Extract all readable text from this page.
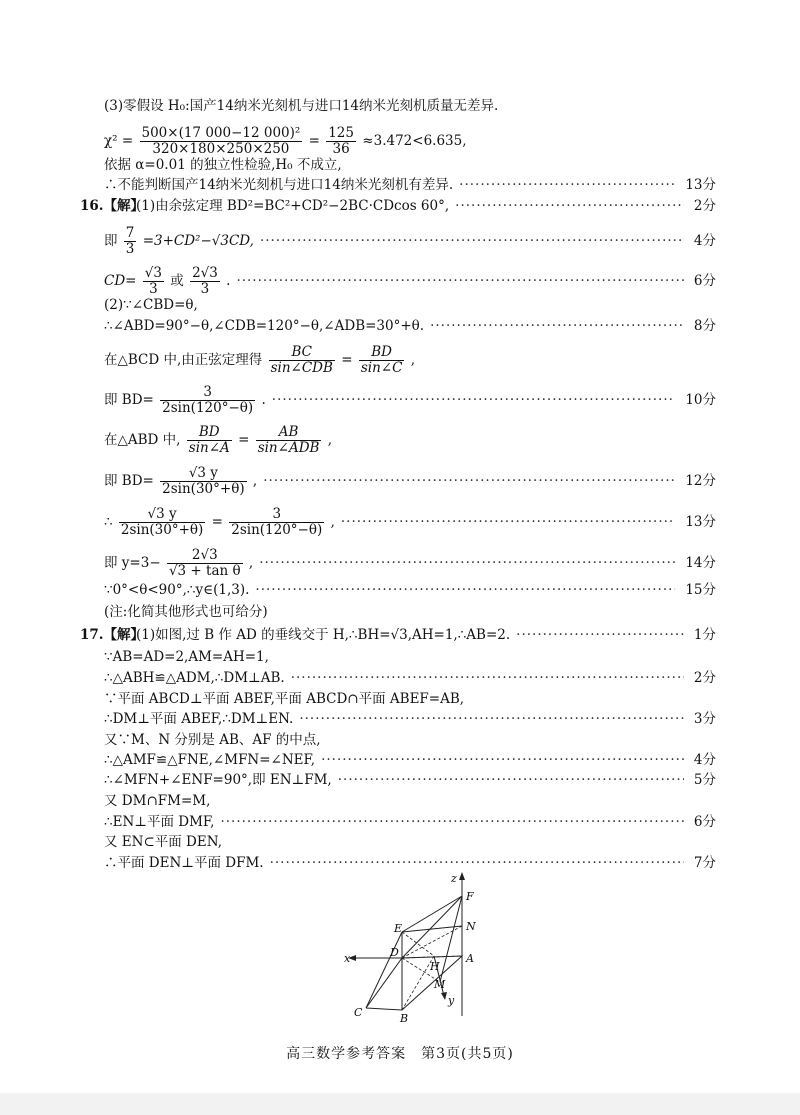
(3)零假设 H₀:国产14纳米光刻机与进口14纳米光刻机质量无差异.
$\chi^2 = \frac{\text{500×(17 000−12 000)²}}{320\times 180\times 250\times 250} = \frac{125}{36} \approx 3.472<6.635$,
依据 α=0.01 的独立性检验,H₀ 不成立,
∴不能判断国产14纳米光刻机与进口14纳米光刻机有差异. ·····	13分
16.【解】
(1)由余弦定理 BD²=BC²+CD²−2BC·CDcos 60°, ·····	2分
即 $\frac{7}{3} =3+CD^2-√3CD$, ·····	4分
$CD= \frac{√3}{3}$ 或 $\frac{2√3}{3}$ . ·····	6分
(2)∵∠CBD=θ,
∴∠ABD=90°−θ,∠CDB=120°−θ,∠ADB=30°+θ. ·····	8分
在△BCD 中,由正弦定理得 $\frac{BC}{\text{sin∠CDB}} = \frac{BD}{\sin\angle C}$ ,
即 $BD= \frac{3}{2\sin(120^\circ-\theta)}$ . ·····	10分
在△ABD 中, $\frac{BD}{\sin\angle A} = \frac{AB}{\text{sin∠ADB}}$ ,
即 $BD= \frac{√3 y}{2\sin(30^\circ+\theta)}$ , ·····	12分
∴ $\frac{√3 y}{2\sin(30^\circ+\theta)} = \frac{3}{2\sin(120^\circ-\theta)}$ , ·····	13分
即 $y=3- \frac{2√3}{\text{√3 + tan θ}}$ , ·····	14分
∵0°<θ<90°,∴y∈(1,3). ·····	15分
(注:化简其他形式也可给分)
17.【解】
(1)如图,过 B 作 AD 的垂线交于 H,∴BH=√3,AH=1,∴AB=2. ·····	1分
∵AB=AD=2,AM=AH=1,
∴△ABH≌△ADM,∴DM⊥AB. ·····	2分
∵平面 ABCD⊥平面 ABEF,平面 ABCD∩平面 ABEF=AB,
∴DM⊥平面 ABEF,∴DM⊥EN. ·····	3分
又∵M、N 分别是 AB、AF 的中点,
∴△AMF≌△FNE,∠MFN=∠NEF, ·····	4分
∴∠MFN+∠ENF=90°,即 EN⊥FM, ·····	5分
又 DM∩FM=M,
∴EN⊥平面 DMF, ·····	6分
又 EN⊂平面 DEN,
∴平面 DEN⊥平面 DFM. ·····	7分
z
F
E	N
x	D
H
A
M
y
C	B
高三数学参考答案　第3页(共5页)
